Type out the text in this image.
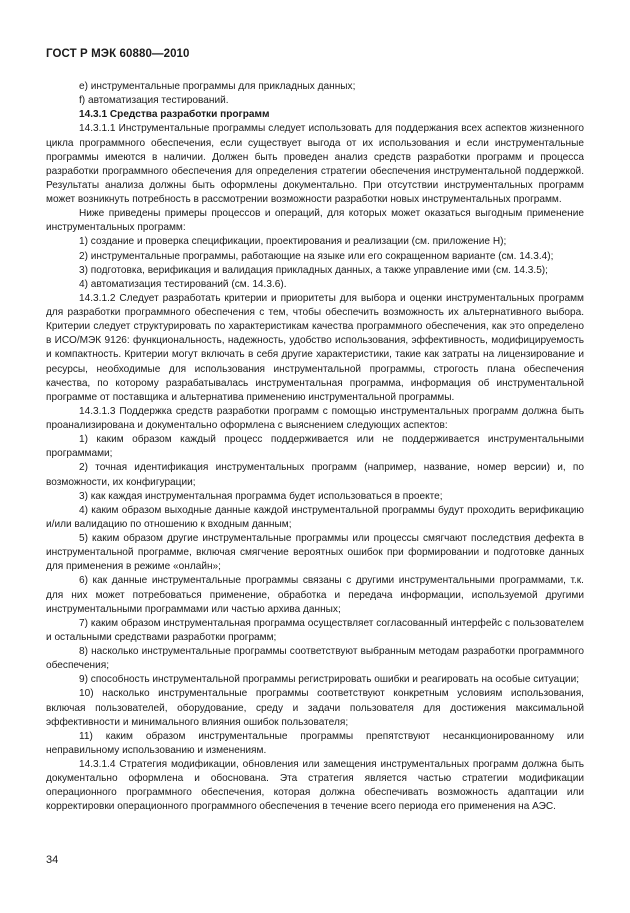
ГОСТ Р МЭК 60880—2010

e) инструментальные программы для прикладных данных;

f) автоматизация тестирований.

14.3.1 Средства разработки программ

14.3.1.1 Инструментальные программы следует использовать для поддержания всех аспектов жизненного цикла программного обеспечения, если существует выгода от их использования и если инструментальные программы имеются в наличии. Должен быть проведен анализ средств разработки программ и процесса разработки программного обеспечения для определения стратегии обеспечения инструментальной поддержкой. Результаты анализа должны быть оформлены документально. При отсутствии инструментальных программ может возникнуть потребность в рассмотрении возможности разработки новых инструментальных программ.

Ниже приведены примеры процессов и операций, для которых может оказаться выгодным применение инструментальных программ:

1) создание и проверка спецификации, проектирования и реализации (см. приложение Н);

2) инструментальные программы, работающие на языке или его сокращенном варианте (см. 14.3.4);

3) подготовка, верификация и валидация прикладных данных, а также управление ими (см. 14.3.5);

4) автоматизация тестирований (см. 14.3.6).

14.3.1.2 Следует разработать критерии и приоритеты для выбора и оценки инструментальных программ для разработки программного обеспечения с тем, чтобы обеспечить возможность их альтернативного выбора. Критерии следует структурировать по характеристикам качества программного обеспечения, как это определено в ИСО/МЭК 9126: функциональность, надежность, удобство использования, эффективность, модифицируемость и компактность. Критерии могут включать в себя другие характеристики, такие как затраты на лицензирование и ресурсы, необходимые для использования инструментальной программы, строгость плана обеспечения качества, по которому разрабатывалась инструментальная программа, информация об инструментальной программе от поставщика и альтернатива применению инструментальной программы.

14.3.1.3 Поддержка средств разработки программ с помощью инструментальных программ должна быть проанализирована и документально оформлена с выяснением следующих аспектов:

1) каким образом каждый процесс поддерживается или не поддерживается инструментальными программами;

2) точная идентификация инструментальных программ (например, название, номер версии) и, по возможности, их конфигурации;

3) как каждая инструментальная программа будет использоваться в проекте;

4) каким образом выходные данные каждой инструментальной программы будут проходить верификацию и/или валидацию по отношению к входным данным;

5) каким образом другие инструментальные программы или процессы смягчают последствия дефекта в инструментальной программе, включая смягчение вероятных ошибок при формировании и подготовке данных для применения в режиме «онлайн»;

6) как данные инструментальные программы связаны с другими инструментальными программами, т.к. для них может потребоваться применение, обработка и передача информации, используемой другими инструментальными программами или частью архива данных;

7) каким образом инструментальная программа осуществляет согласованный интерфейс с пользователем и остальными средствами разработки программ;

8) насколько инструментальные программы соответствуют выбранным методам разработки программного обеспечения;

9) способность инструментальной программы регистрировать ошибки и реагировать на особые ситуации;

10) насколько инструментальные программы соответствуют конкретным условиям использования, включая пользователей, оборудование, среду и задачи пользователя для достижения максимальной эффективности и минимального влияния ошибок пользователя;

11) каким образом инструментальные программы препятствуют несанкционированному или неправильному использованию и изменениям.

14.3.1.4 Стратегия модификации, обновления или замещения инструментальных программ должна быть документально оформлена и обоснована. Эта стратегия является частью стратегии модификации операционного программного обеспечения, которая должна обеспечивать возможность адаптации или корректировки операционного программного обеспечения в течение всего периода его применения на АЭС.

34
